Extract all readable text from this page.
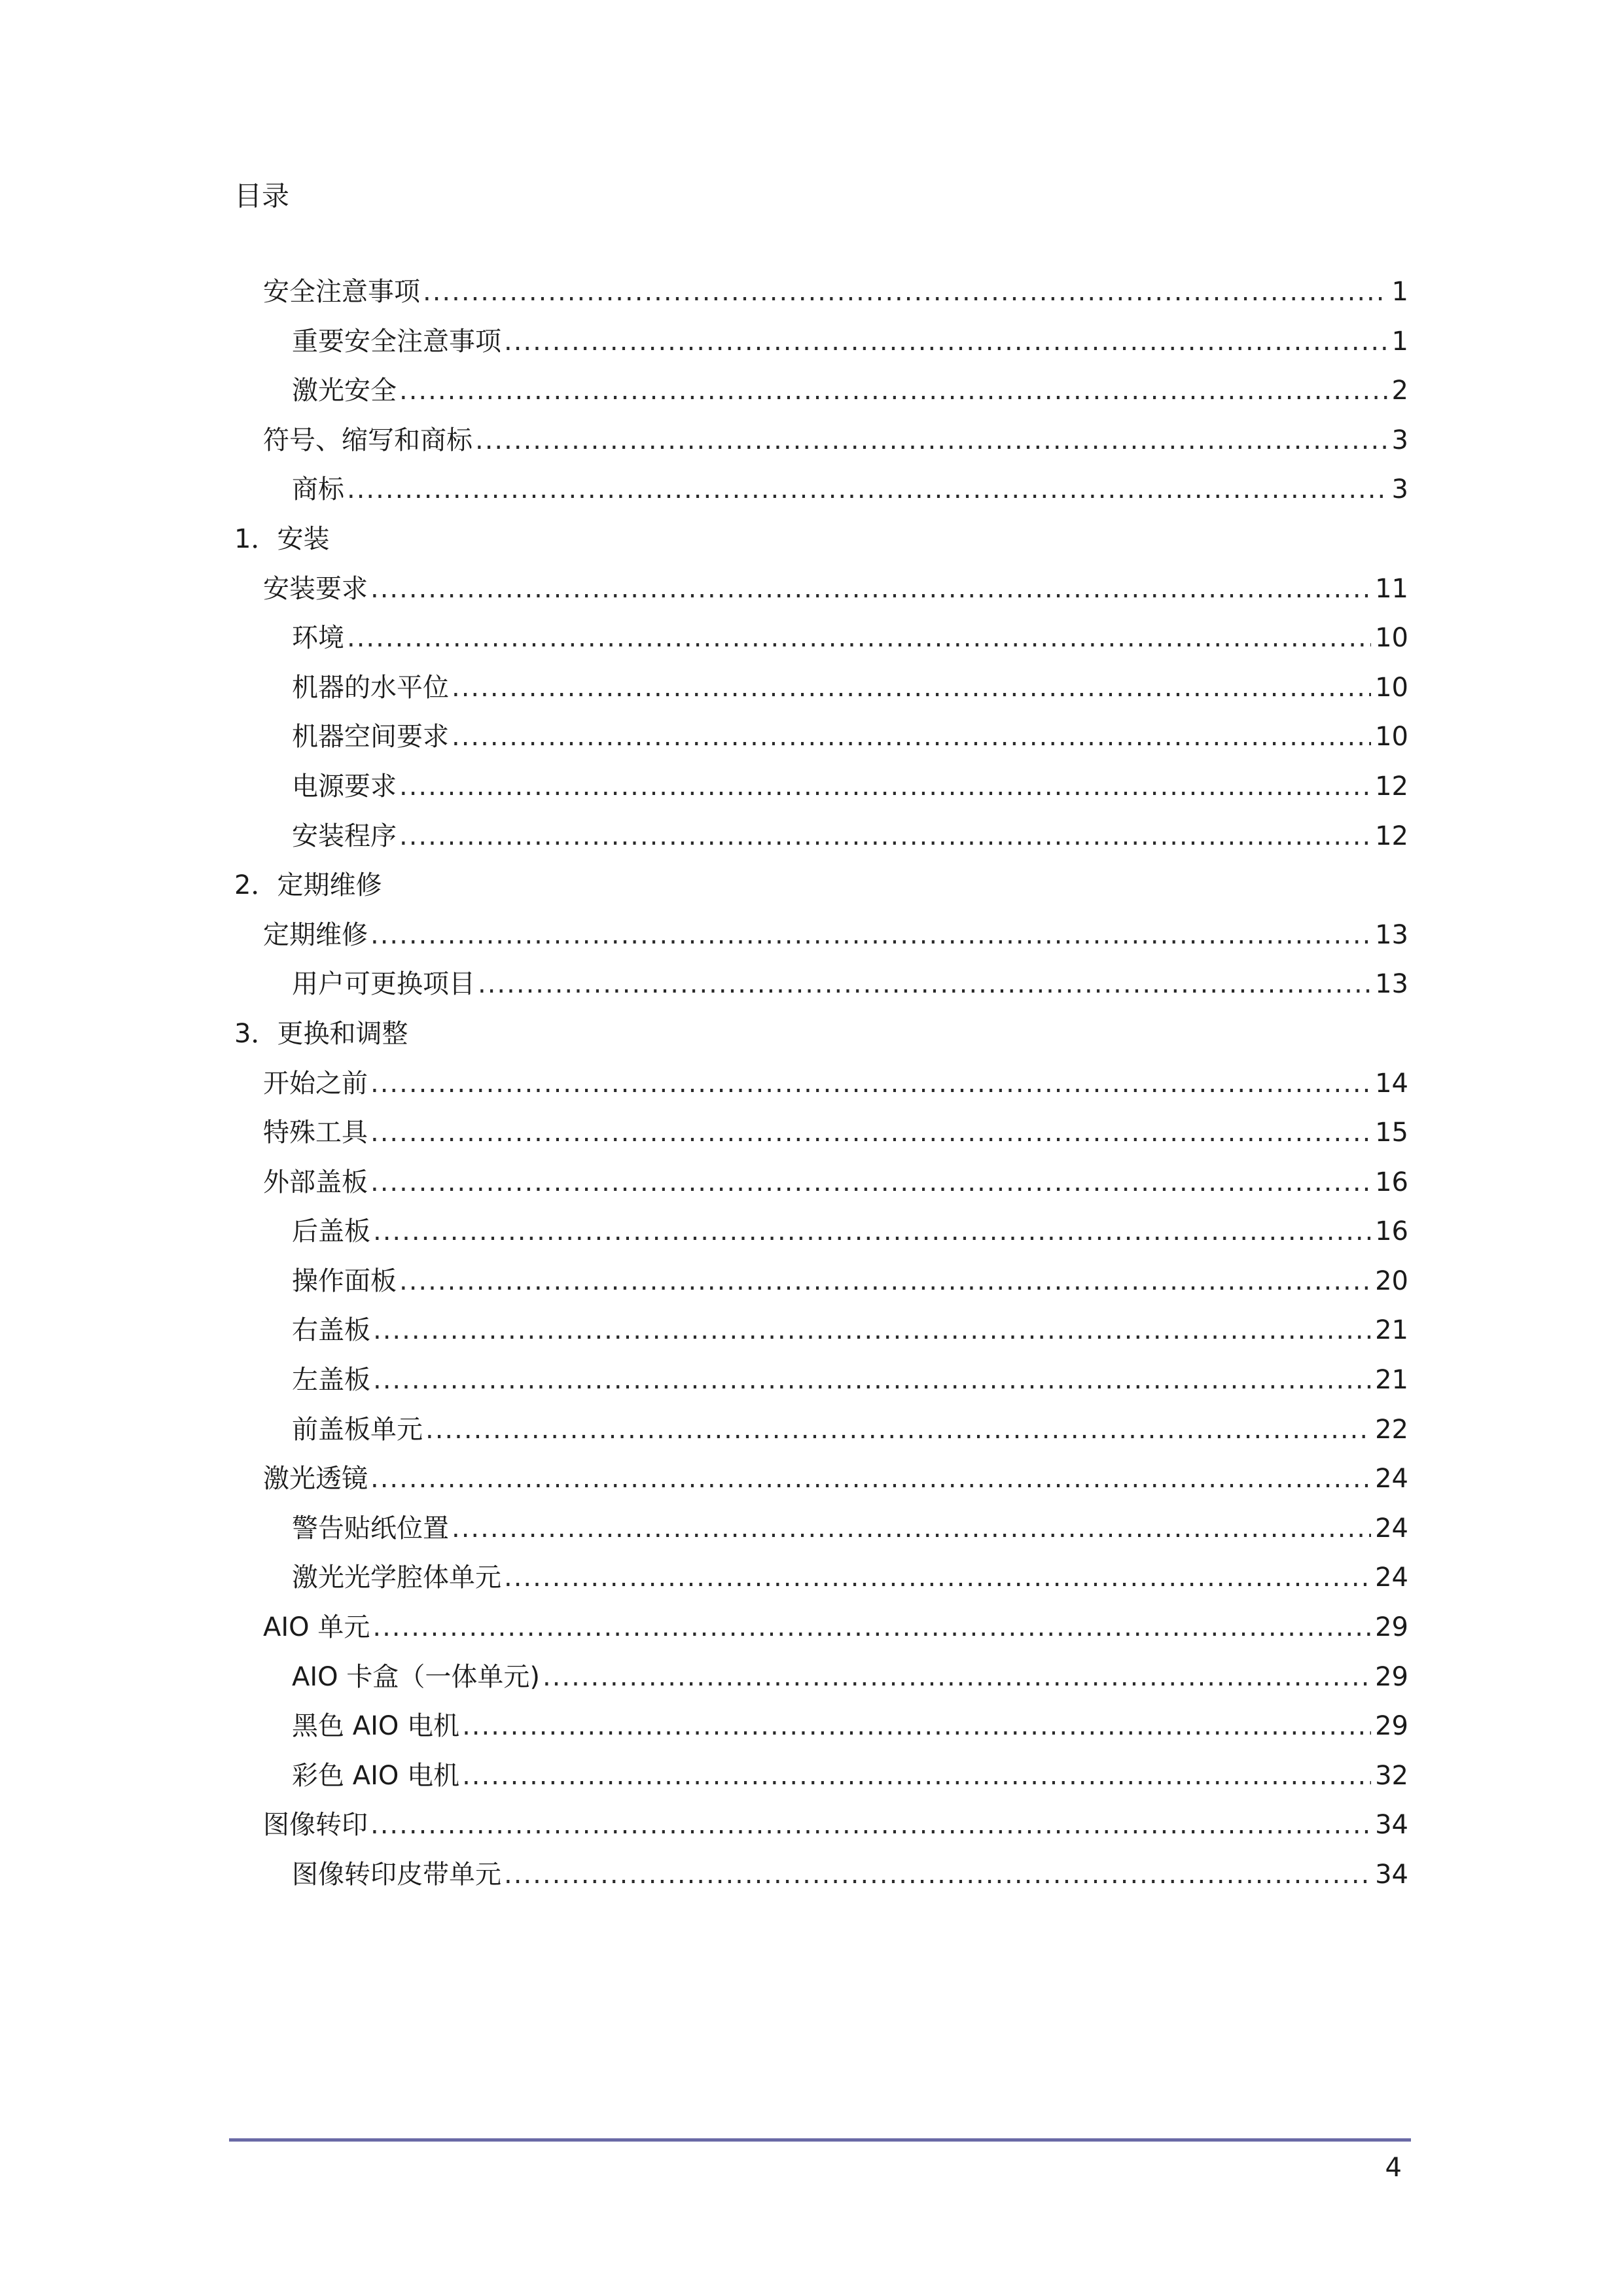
目录
安全注意事项 .....	1
重要安全注意事项 .....	1
激光安全 .....	2
符号、缩写和商标 .....	3
商标 .....	3
1．安装
安装要求 .....	11
环境 .....	10
机器的水平位 .....	10
机器空间要求 .....	10
电源要求 .....	12
安装程序 .....	12
2．定期维修
定期维修 .....	13
用户可更换项目 .....	13
3．更换和调整
开始之前 .....	14
特殊工具 .....	15
外部盖板 .....	16
后盖板 .....	16
操作面板 .....	20
右盖板 .....	21
左盖板 .....	21
前盖板单元 .....	22
激光透镜 .....	24
警告贴纸位置 .....	24
激光光学腔体单元 .....	24
AIO 单元 .....	29
AIO 卡盒（一体单元) .....	29
黑色 AIO 电机 .....	29
彩色 AIO 电机 .....	32
图像转印 .....	34
图像转印皮带单元 .....	34
4
